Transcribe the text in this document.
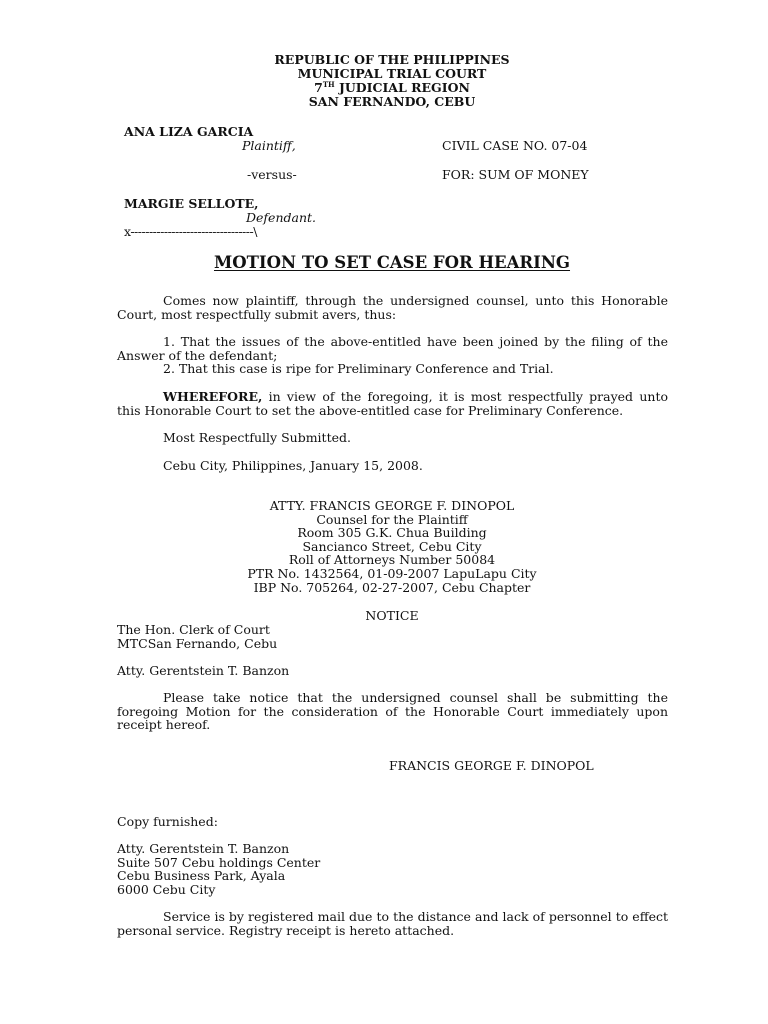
REPUBLIC OF THE PHILIPPINES
MUNICIPAL TRIAL COURT
7TH JUDICIAL REGION
SAN FERNANDO, CEBU
ANA LIZA GARCIA
Plaintiff,	CIVIL CASE NO. 07-04
-versus-	FOR: SUM OF MONEY
MARGIE SELLOTE,
Defendant.
x---------------------------------\
MOTION TO SET CASE FOR HEARING
Comes now plaintiff, through the undersigned counsel, unto this Honorable Court, most respectfully submit avers, thus:
1. That the issues of the above-entitled have been joined by the filing of the Answer of the defendant;
2. That this case is ripe for Preliminary Conference and Trial.
WHEREFORE, in view of the foregoing, it is most respectfully prayed unto this Honorable Court to set the above-entitled case for Preliminary Conference.
Most Respectfully Submitted.
Cebu City, Philippines, January 15, 2008.
ATTY. FRANCIS GEORGE F. DINOPOL
Counsel for the Plaintiff
Room 305 G.K. Chua Building
Sancianco Street, Cebu City
Roll of Attorneys Number 50084
PTR No. 1432564, 01-09-2007 LapuLapu City
IBP No. 705264, 02-27-2007, Cebu Chapter
NOTICE
The Hon. Clerk of Court
MTCSan Fernando, Cebu
Atty. Gerentstein T. Banzon
Please take notice that the undersigned counsel shall be submitting the foregoing Motion for the consideration of the Honorable Court immediately upon receipt hereof.
FRANCIS GEORGE F. DINOPOL
Copy furnished:
Atty. Gerentstein T. Banzon
Suite 507 Cebu holdings Center
Cebu Business Park, Ayala
6000 Cebu City
Service is by registered mail due to the distance and lack of personnel to effect personal service. Registry receipt is hereto attached.
